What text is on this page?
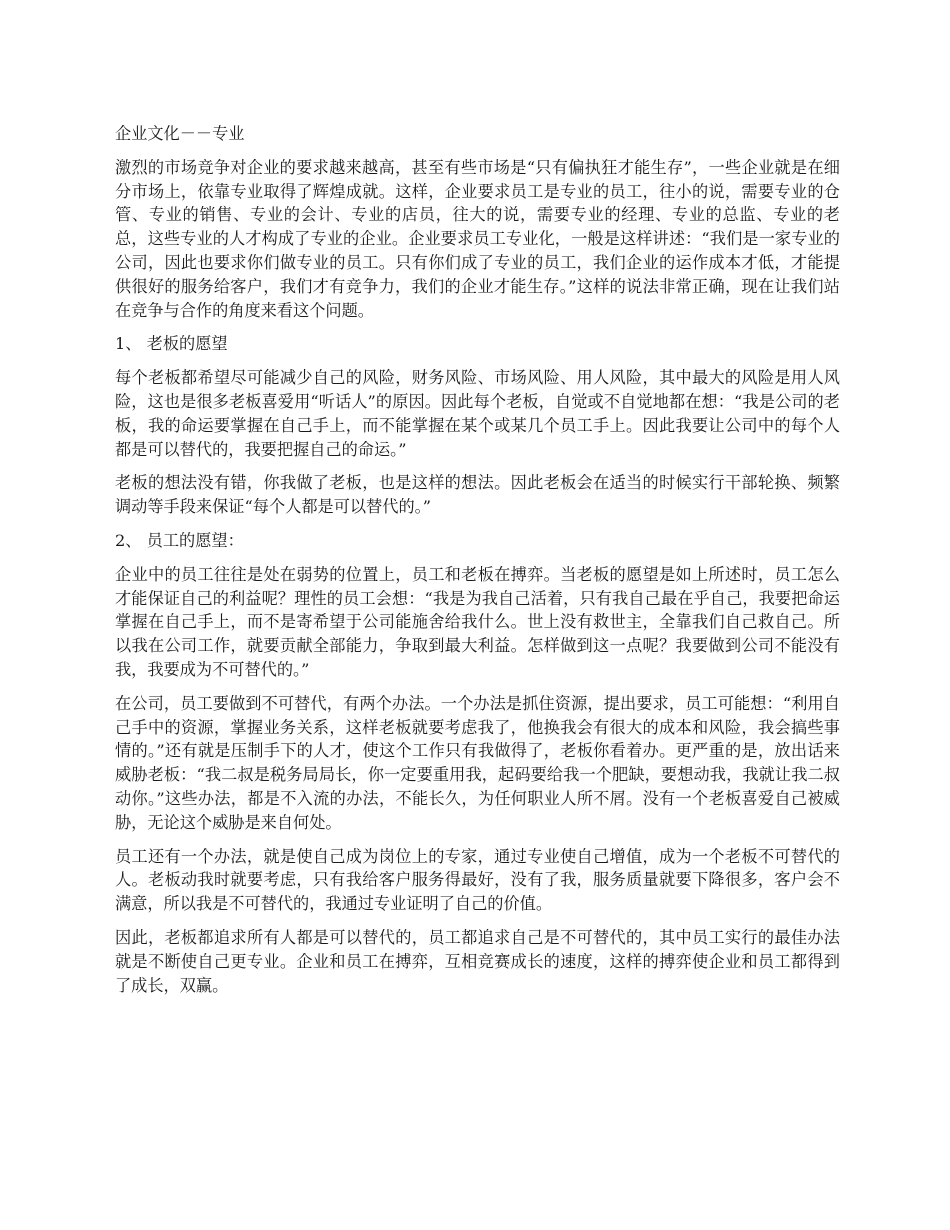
企业文化－－专业

激烈的市场竞争对企业的要求越来越高，甚至有些市场是“只有偏执狂才能生存”，一些企业就是在细分市场上，依靠专业取得了辉煌成就。这样，企业要求员工是专业的员工，往小的说，需要专业的仓管、专业的销售、专业的会计、专业的店员，往大的说，需要专业的经理、专业的总监、专业的老总，这些专业的人才构成了专业的企业。企业要求员工专业化，一般是这样讲述：“我们是一家专业的公司，因此也要求你们做专业的员工。只有你们成了专业的员工，我们企业的运作成本才低，才能提供很好的服务给客户，我们才有竞争力，我们的企业才能生存。”这样的说法非常正确，现在让我们站在竞争与合作的角度来看这个问题。

1、 老板的愿望

每个老板都希望尽可能减少自己的风险，财务风险、市场风险、用人风险，其中最大的风险是用人风险，这也是很多老板喜爱用“听话人”的原因。因此每个老板，自觉或不自觉地都在想：“我是公司的老板，我的命运要掌握在自己手上，而不能掌握在某个或某几个员工手上。因此我要让公司中的每个人都是可以替代的，我要把握自己的命运。”

老板的想法没有错，你我做了老板，也是这样的想法。因此老板会在适当的时候实行干部轮换、频繁调动等手段来保证“每个人都是可以替代的。”

2、 员工的愿望：

企业中的员工往往是处在弱势的位置上，员工和老板在搏弈。当老板的愿望是如上所述时，员工怎么才能保证自己的利益呢？理性的员工会想：“我是为我自己活着，只有我自己最在乎自己，我要把命运掌握在自己手上，而不是寄希望于公司能施舍给我什么。世上没有救世主，全靠我们自己救自己。所以我在公司工作，就要贡献全部能力，争取到最大利益。怎样做到这一点呢？我要做到公司不能没有我，我要成为不可替代的。”

在公司，员工要做到不可替代，有两个办法。一个办法是抓住资源，提出要求，员工可能想：“利用自己手中的资源，掌握业务关系，这样老板就要考虑我了，他换我会有很大的成本和风险，我会搞些事情的。”还有就是压制手下的人才，使这个工作只有我做得了，老板你看着办。更严重的是，放出话来威胁老板：“我二叔是税务局局长，你一定要重用我，起码要给我一个肥缺，要想动我，我就让我二叔动你。”这些办法，都是不入流的办法，不能长久，为任何职业人所不屑。没有一个老板喜爱自己被威胁，无论这个威胁是来自何处。

员工还有一个办法，就是使自己成为岗位上的专家，通过专业使自己增值，成为一个老板不可替代的人。老板动我时就要考虑，只有我给客户服务得最好，没有了我，服务质量就要下降很多，客户会不满意，所以我是不可替代的，我通过专业证明了自己的价值。

因此，老板都追求所有人都是可以替代的，员工都追求自己是不可替代的，其中员工实行的最佳办法就是不断使自己更专业。企业和员工在搏弈，互相竞赛成长的速度，这样的搏弈使企业和员工都得到了成长，双赢。
